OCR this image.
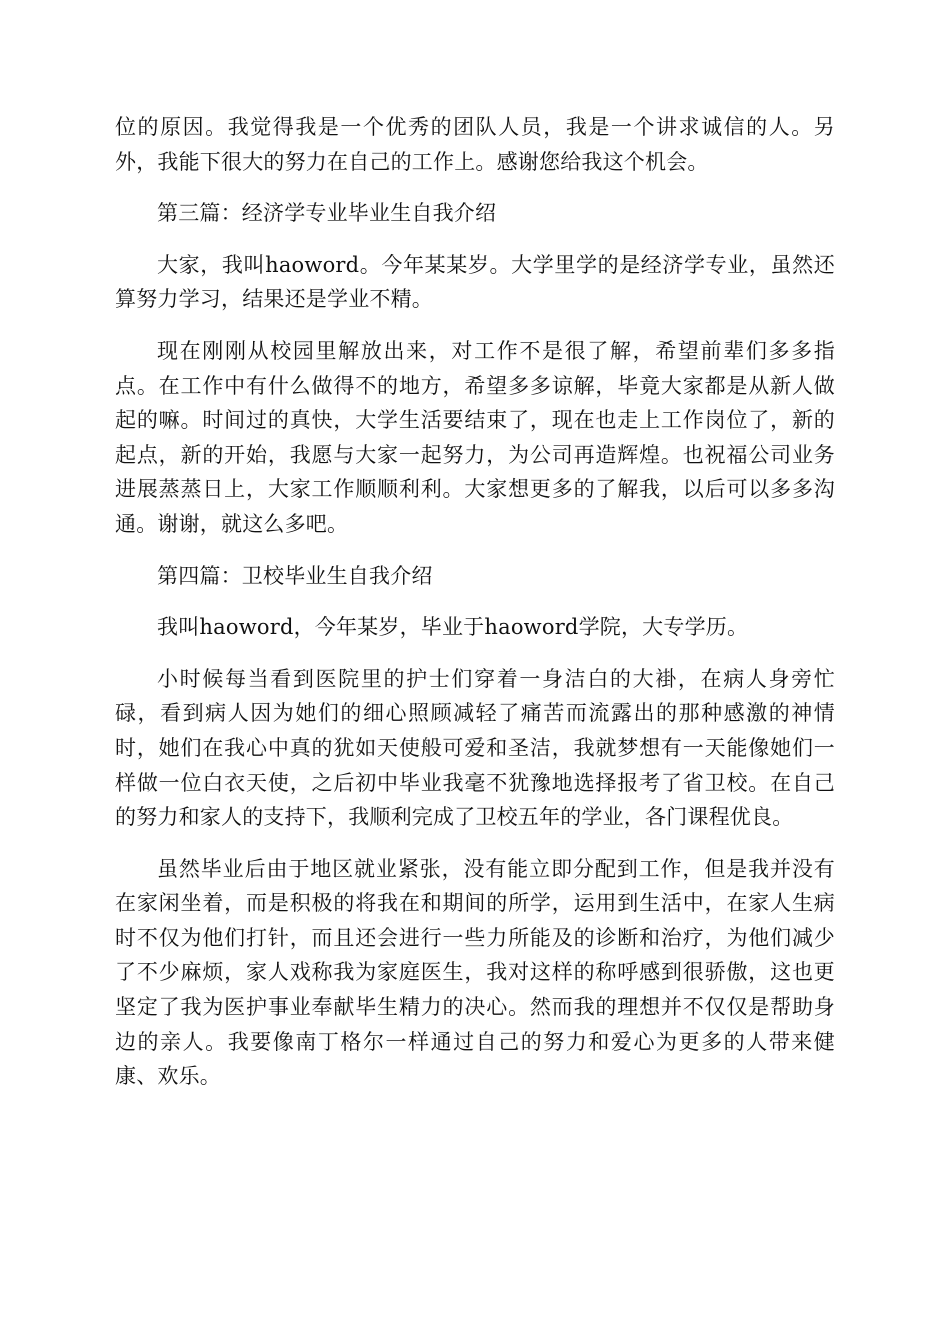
位的原因。我觉得我是一个优秀的团队人员，我是一个讲求诚信的人。另外，我能下很大的努力在自己的工作上。感谢您给我这个机会。

第三篇：经济学专业毕业生自我介绍

大家，我叫haoword。今年某某岁。大学里学的是经济学专业，虽然还算努力学习，结果还是学业不精。

现在刚刚从校园里解放出来，对工作不是很了解，希望前辈们多多指点。在工作中有什么做得不的地方，希望多多谅解，毕竟大家都是从新人做起的嘛。时间过的真快，大学生活要结束了，现在也走上工作岗位了，新的起点，新的开始，我愿与大家一起努力，为公司再造辉煌。也祝福公司业务进展蒸蒸日上，大家工作顺顺利利。大家想更多的了解我，以后可以多多沟通。谢谢，就这么多吧。

第四篇：卫校毕业生自我介绍

我叫haoword，今年某岁，毕业于haoword学院，大专学历。

小时候每当看到医院里的护士们穿着一身洁白的大褂，在病人身旁忙碌，看到病人因为她们的细心照顾减轻了痛苦而流露出的那种感激的神情时，她们在我心中真的犹如天使般可爱和圣洁，我就梦想有一天能像她们一样做一位白衣天使，之后初中毕业我毫不犹豫地选择报考了省卫校。在自己的努力和家人的支持下，我顺利完成了卫校五年的学业，各门课程优良。

虽然毕业后由于地区就业紧张，没有能立即分配到工作，但是我并没有在家闲坐着，而是积极的将我在和期间的所学，运用到生活中，在家人生病时不仅为他们打针，而且还会进行一些力所能及的诊断和治疗，为他们减少了不少麻烦，家人戏称我为家庭医生，我对这样的称呼感到很骄傲，这也更坚定了我为医护事业奉献毕生精力的决心。然而我的理想并不仅仅是帮助身边的亲人。我要像南丁格尔一样通过自己的努力和爱心为更多的人带来健康、欢乐。
